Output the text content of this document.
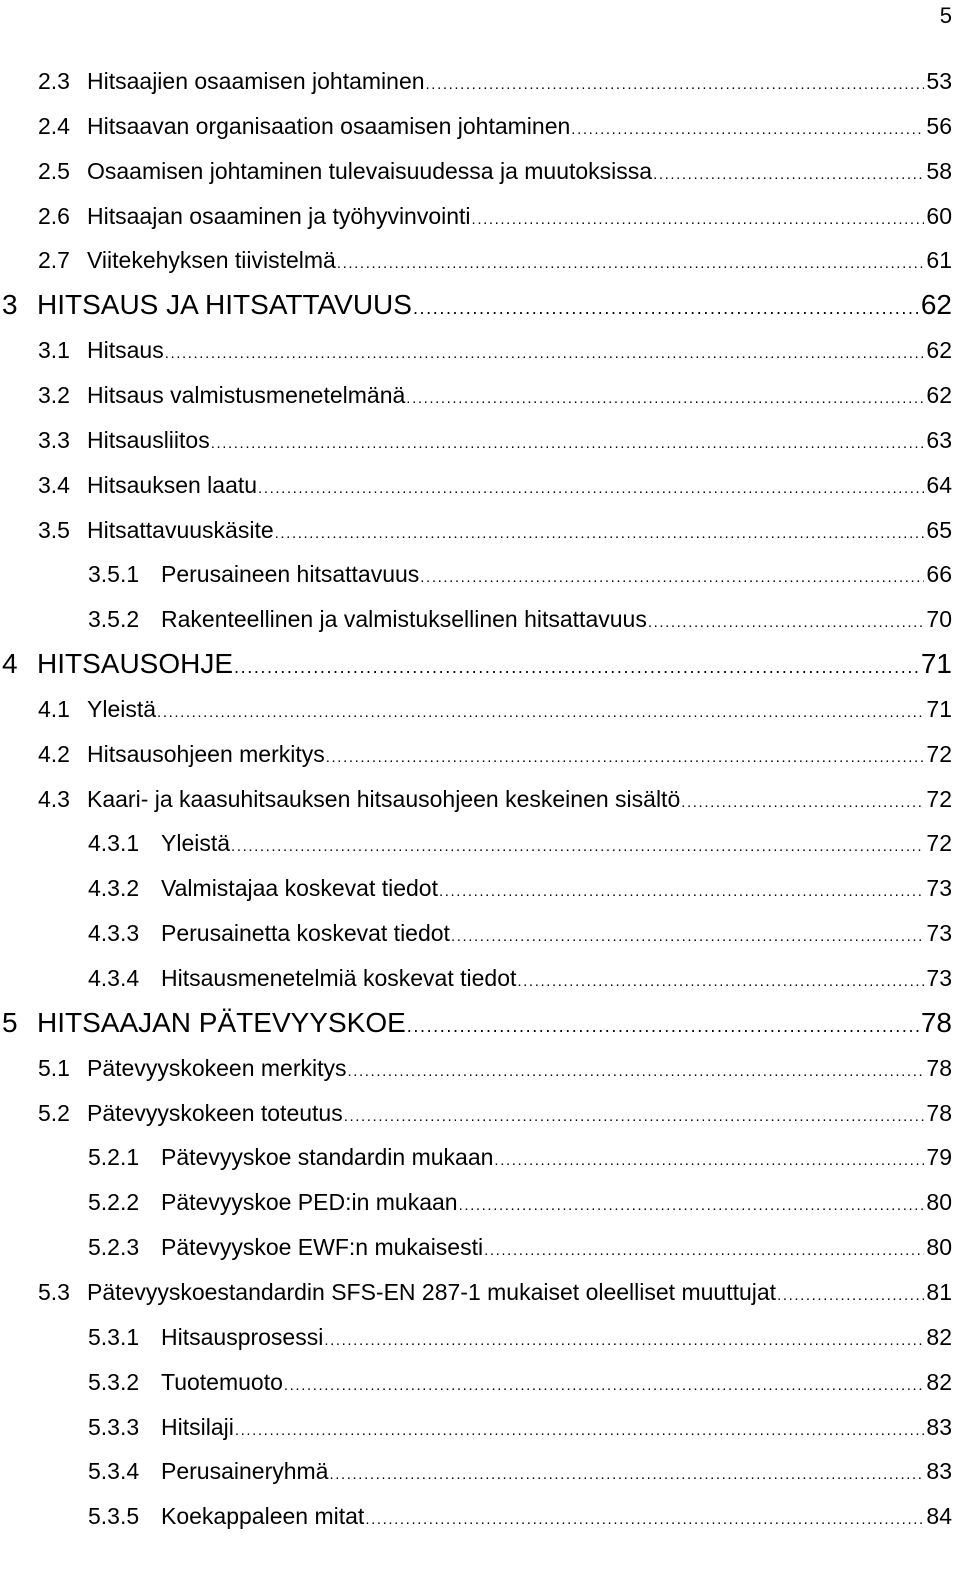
5
2.3 Hitsaajien osaamisen johtaminen .....	53
2.4 Hitsaavan organisaation osaamisen johtaminen .....	56
2.5 Osaamisen johtaminen tulevaisuudessa ja muutoksissa .....	58
2.6 Hitsaajan osaaminen ja työhyvinvointi .....	60
2.7 Viitekehyksen tiivistelmä .....	61
3 HITSAUS JA HITSATTAVUUS .....	62
3.1 Hitsaus .....	62
3.2 Hitsaus valmistusmenetelmänä .....	62
3.3 Hitsausliitos .....	63
3.4 Hitsauksen laatu .....	64
3.5 Hitsattavuuskäsite .....	65
3.5.1 Perusaineen hitsattavuus .....	66
3.5.2 Rakenteellinen ja valmistuksellinen hitsattavuus .....	70
4 HITSAUSOHJE .....	71
4.1 Yleistä .....	71
4.2 Hitsausohjeen merkitys .....	72
4.3 Kaari- ja kaasuhitsauksen hitsausohjeen keskeinen sisältö .....	72
4.3.1 Yleistä .....	72
4.3.2 Valmistajaa koskevat tiedot .....	73
4.3.3 Perusainetta koskevat tiedot .....	73
4.3.4 Hitsausmenetelmiä koskevat tiedot .....	73
5 HITSAAJAN PÄTEVYYSKOE .....	78
5.1 Pätevyyskokeen merkitys .....	78
5.2 Pätevyyskokeen toteutus .....	78
5.2.1 Pätevyyskoe standardin mukaan .....	79
5.2.2 Pätevyyskoe PED:in mukaan .....	80
5.2.3 Pätevyyskoe EWF:n mukaisesti .....	80
5.3 Pätevyyskoestandardin SFS-EN 287-1 mukaiset oleelliset muuttujat .....	81
5.3.1 Hitsausprosessi .....	82
5.3.2 Tuotemuoto .....	82
5.3.3 Hitsilaji .....	83
5.3.4 Perusaineryhmä .....	83
5.3.5 Koekappaleen mitat .....	84
